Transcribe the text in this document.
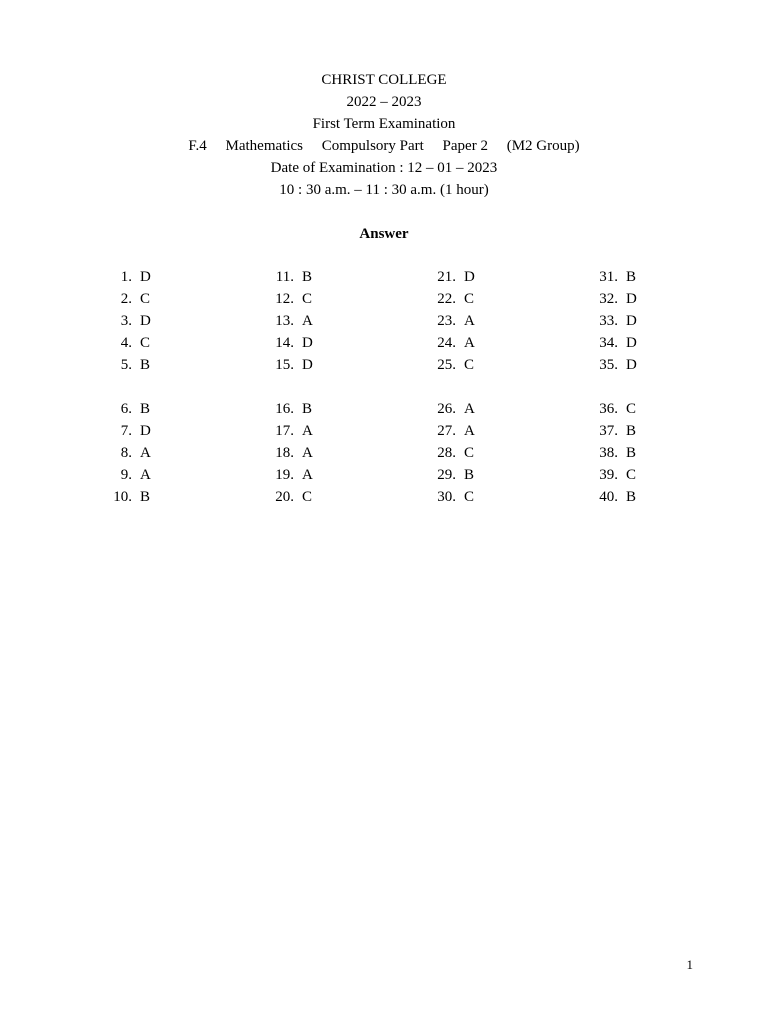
CHRIST COLLEGE
2022 – 2023
First Term Examination
F.4     Mathematics     Compulsory Part     Paper 2     (M2 Group)
Date of Examination : 12 – 01 – 2023
10 : 30 a.m. – 11 : 30 a.m. (1 hour)
Answer
1. D
2. C
3. D
4. C
5. B
6. B
7. D
8. A
9. A
10. B
11. B
12. C
13. A
14. D
15. D
16. B
17. A
18. A
19. A
20. C
21. D
22. C
23. A
24. A
25. C
26. A
27. A
28. C
29. B
30. C
31. B
32. D
33. D
34. D
35. D
36. C
37. B
38. B
39. C
40. B
1
